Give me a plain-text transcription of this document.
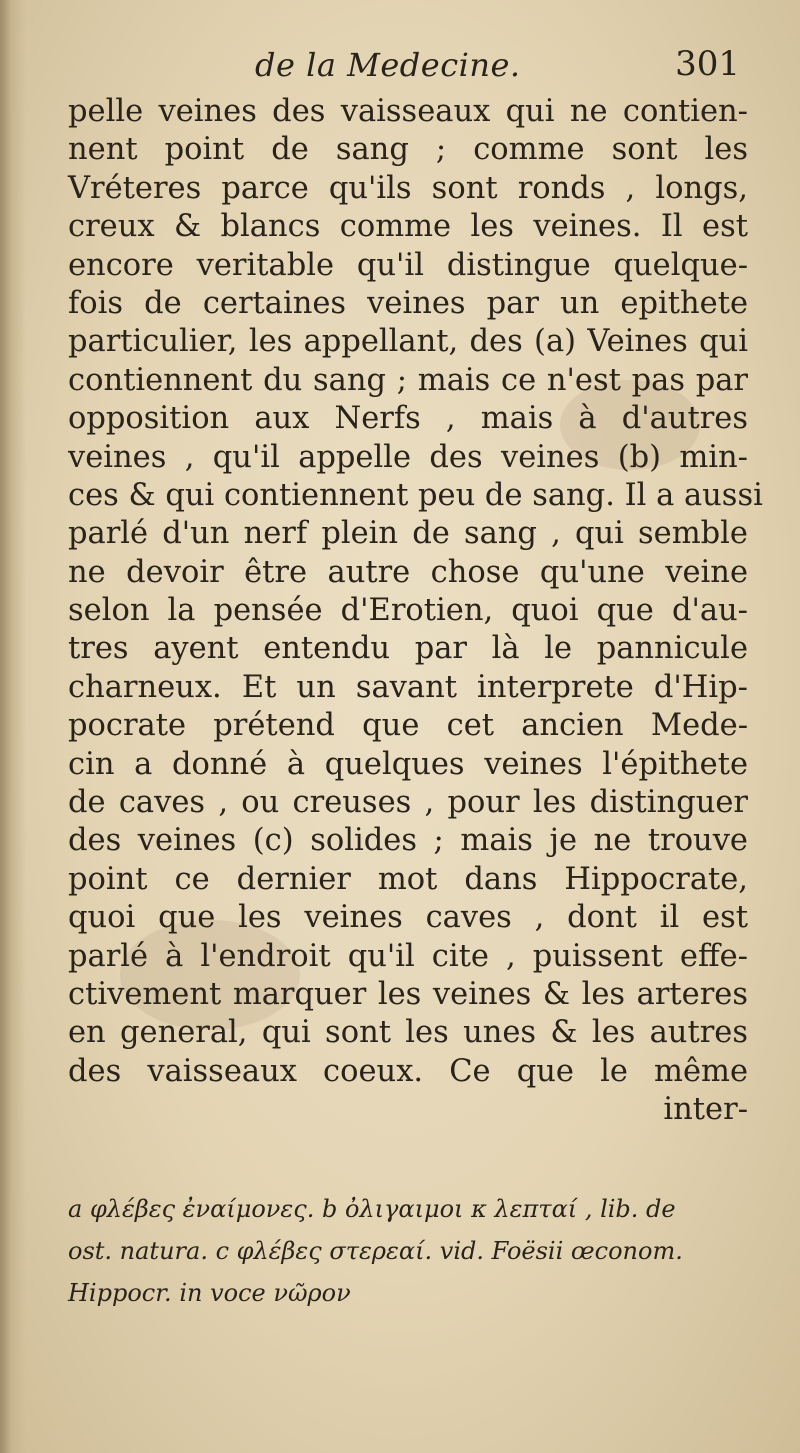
de la Medecine.	301
pelle veines des vaisseaux qui ne contien-
nent point de sang ; comme sont les
Vréteres parce qu'ils sont ronds , longs,
creux & blancs comme les veines. Il est
encore veritable qu'il distingue quelque-
fois de certaines veines par un epithete
particulier, les appellant, des (a) Veines qui
contiennent du sang ; mais ce n'est pas par
opposition aux Nerfs , mais à d'autres
veines , qu'il appelle des veines (b) min-
ces & qui contiennent peu de sang. Il a aussi
parlé d'un nerf plein de sang , qui semble
ne devoir être autre chose qu'une veine
selon la pensée d'Erotien, quoi que d'au-
tres ayent entendu par là le pannicule
charneux. Et un savant interprete d'Hip-
pocrate prétend que cet ancien Mede-
cin a donné à quelques veines l'épithete
de caves , ou creuses , pour les distinguer
des veines (c) solides ; mais je ne trouve
point ce dernier mot dans Hippocrate,
quoi que les veines caves , dont il est
parlé à l'endroit qu'il cite , puissent effe-
ctivement marquer les veines & les arteres
en general, qui sont les unes & les autres
des vaisseaux coeux. Ce que le même
inter-
a φλέβες ἐναίμονες. b ὀλιγαιμοι κ λεπταί , lib. de
ost. natura. c φλέβες στερεαί. vid. Foësii œconom.
Hippocr. in voce νῶρον
